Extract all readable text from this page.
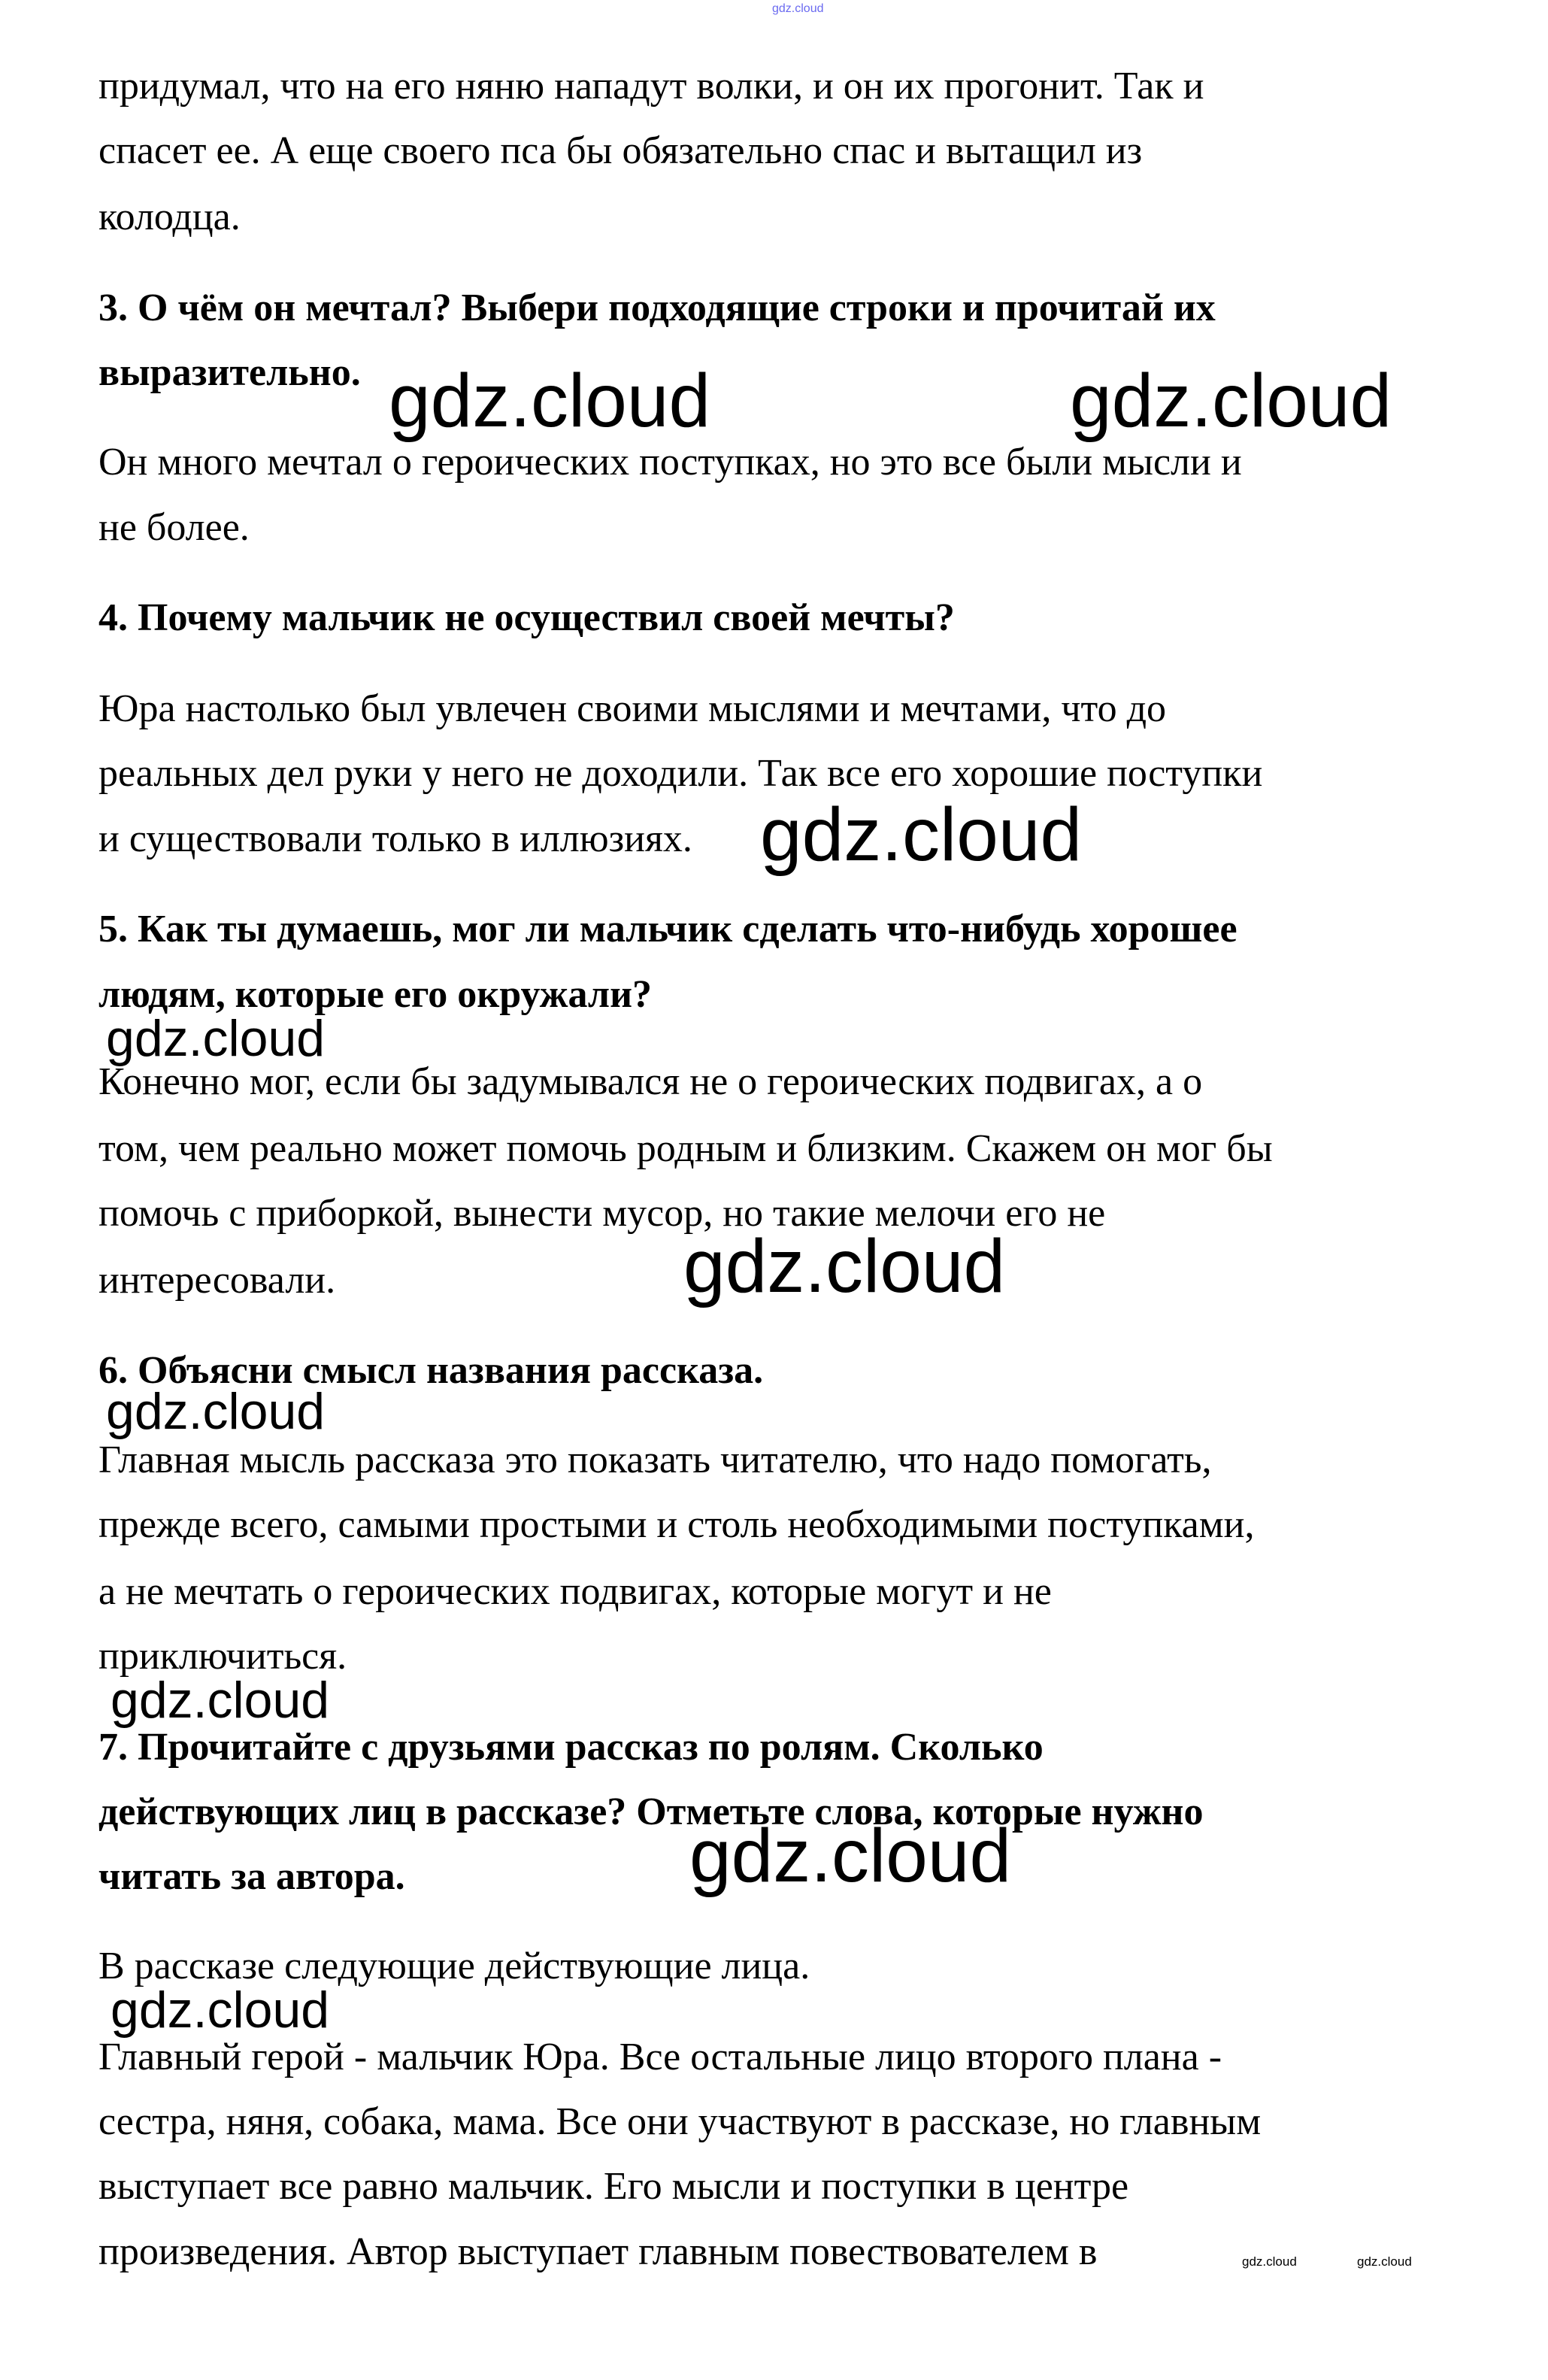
gdz.cloud
придумал, что на его няню нападут волки, и он их прогонит. Так и
спасет ее. А еще своего пса бы обязательно спас и вытащил из
колодца.
3. О чём он мечтал? Выбери подходящие строки и прочитай их
выразительно.
Он много мечтал о героических поступках, но это все были мысли и
не более.
4. Почему мальчик не осуществил своей мечты?
Юра настолько был увлечен своими мыслями и мечтами, что до
реальных дел руки у него не доходили. Так все его хорошие поступки
и существовали только в иллюзиях.
5. Как ты думаешь, мог ли мальчик сделать что-нибудь хорошее
людям, которые его окружали?
Конечно мог, если бы задумывался не о героических подвигах, а о
том, чем реально может помочь родным и близким. Скажем он мог бы
помочь с приборкой, вынести мусор, но такие мелочи его не
интересовали.
6. Объясни смысл названия рассказа.
Главная мысль рассказа это показать читателю, что надо помогать,
прежде всего, самыми простыми и столь необходимыми поступками,
а не мечтать о героических подвигах, которые могут и не
приключиться.
7. Прочитайте с друзьями рассказ по ролям. Сколько
действующих лиц в рассказе? Отметьте слова, которые нужно
читать за автора.
В рассказе следующие действующие лица.
Главный герой - мальчик Юра. Все остальные лицо второго плана -
сестра, няня, собака, мама. Все они участвуют в рассказе, но главным
выступает все равно мальчик. Его мысли и поступки в центре
произведения. Автор выступает главным повествователем в
gdz.cloud	gdz.cloud
gdz.cloud
gdz.cloud
gdz.cloud
gdz.cloud
gdz.cloud
gdz.cloud
gdz.cloud
gdz.cloud	gdz.cloud
